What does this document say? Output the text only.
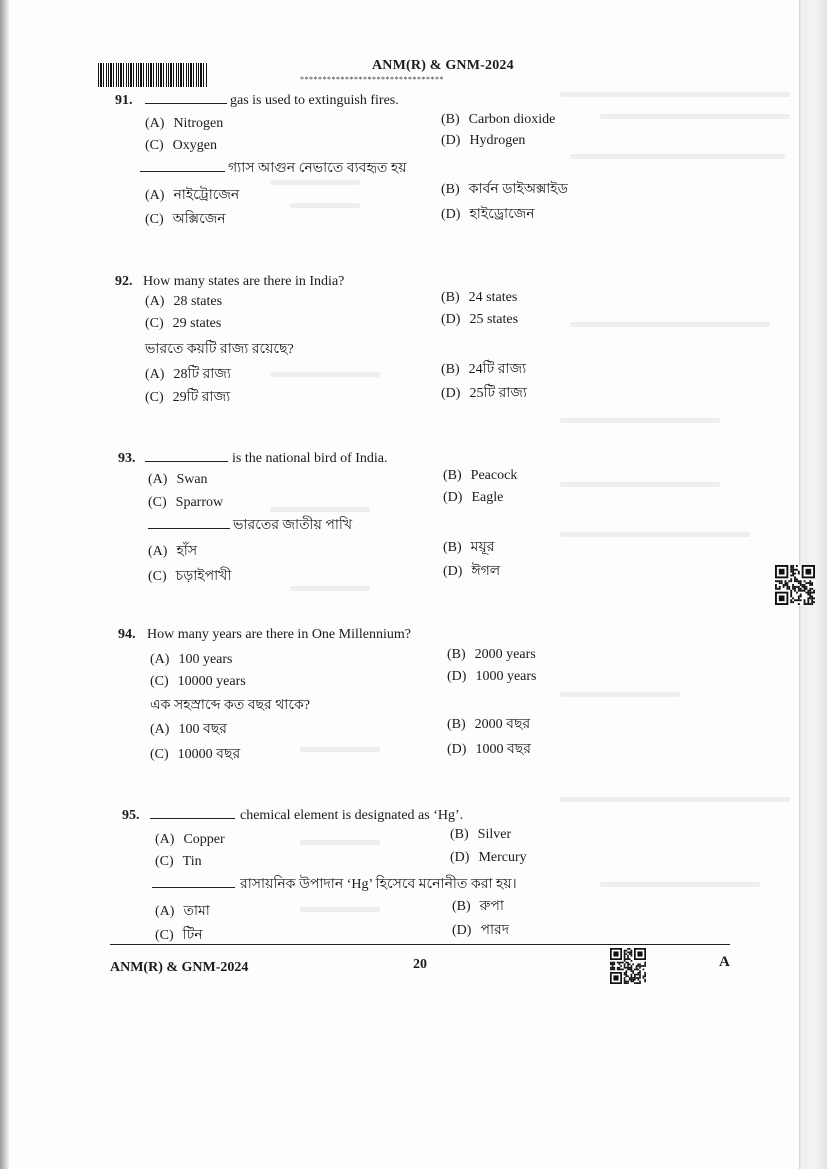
ANM(R) & GNM-2024
********************************
91.	gas is used to extinguish fires.
(A) Nitrogen	(B) Carbon dioxide
(C) Oxygen	(D) Hydrogen
গ্যাস আগুন নেভাতে ব্যবহৃত হয়
(A) নাইট্রোজেন	(B) কার্বন ডাইঅক্সাইড
(C) অক্সিজেন	(D) হাইড্রোজেন
92. How many states are there in India?
(A) 28 states	(B) 24 states
(C) 29 states	(D) 25 states
ভারতে কয়টি রাজ্য রয়েছে?
(A) 28টি রাজ্য	(B) 24টি রাজ্য
(C) 29টি রাজ্য	(D) 25টি রাজ্য
93.	is the national bird of India.
(A) Swan	(B) Peacock
(C) Sparrow	(D) Eagle
ভারতের জাতীয় পাখি
(A) হাঁস	(B) ময়ূর
(C) চড়াইপাখী	(D) ঈগল
94. How many years are there in One Millennium?
(A) 100 years	(B) 2000 years
(C) 10000 years	(D) 1000 years
এক সহস্রাব্দে কত বছর থাকে?
(A) 100 বছর	(B) 2000 বছর
(C) 10000 বছর	(D) 1000 বছর
95.	chemical element is designated as ‘Hg’.
(A) Copper	(B) Silver
(C) Tin	(D) Mercury
রাসায়নিক উপাদান ‘Hg’ হিসেবে মনোনীত করা হয়।
(A) তামা	(B) রুপা
(C) টিন	(D) পারদ
ANM(R) & GNM-2024	20	A
